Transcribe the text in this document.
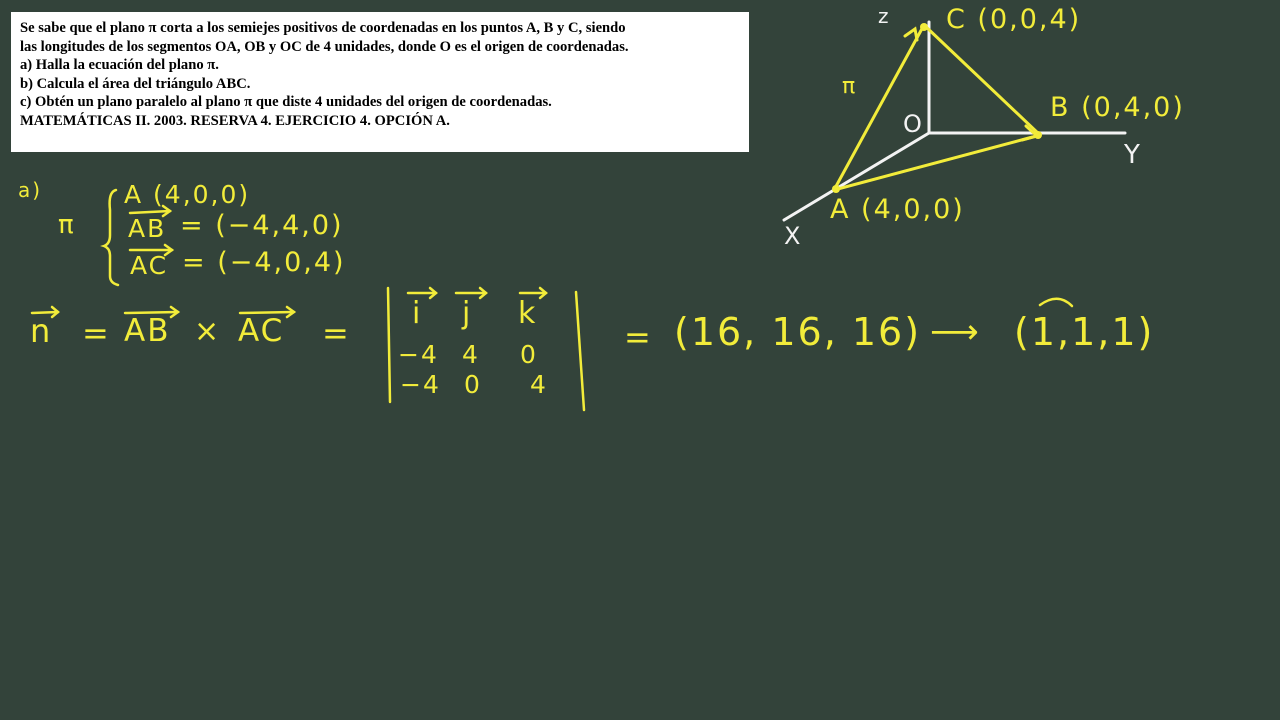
Se sabe que el plano π corta a los semiejes positivos de coordenadas en los puntos A, B y C, siendo
las longitudes de los segmentos OA, OB y OC de 4 unidades, donde O es el origen de coordenadas.
a) Halla la ecuación del plano π.
b) Calcula el área del triángulo ABC.
c) Obtén un plano paralelo al plano π que diste 4 unidades del origen de coordenadas.
MATEMÁTICAS II. 2003. RESERVA 4. EJERCICIO 4. OPCIÓN A.
z C (0,0,4)
π
O
B (0,4,0)
Y
A (4,0,0)
X
a)
π
A (4,0,0)
AB = (−4,4,0)
AC = (−4,0,4)
n = AB × AC =
i j k
−4 4 0
−4 0 4
= (16, 16, 16) ⟶ (1,1,1)
